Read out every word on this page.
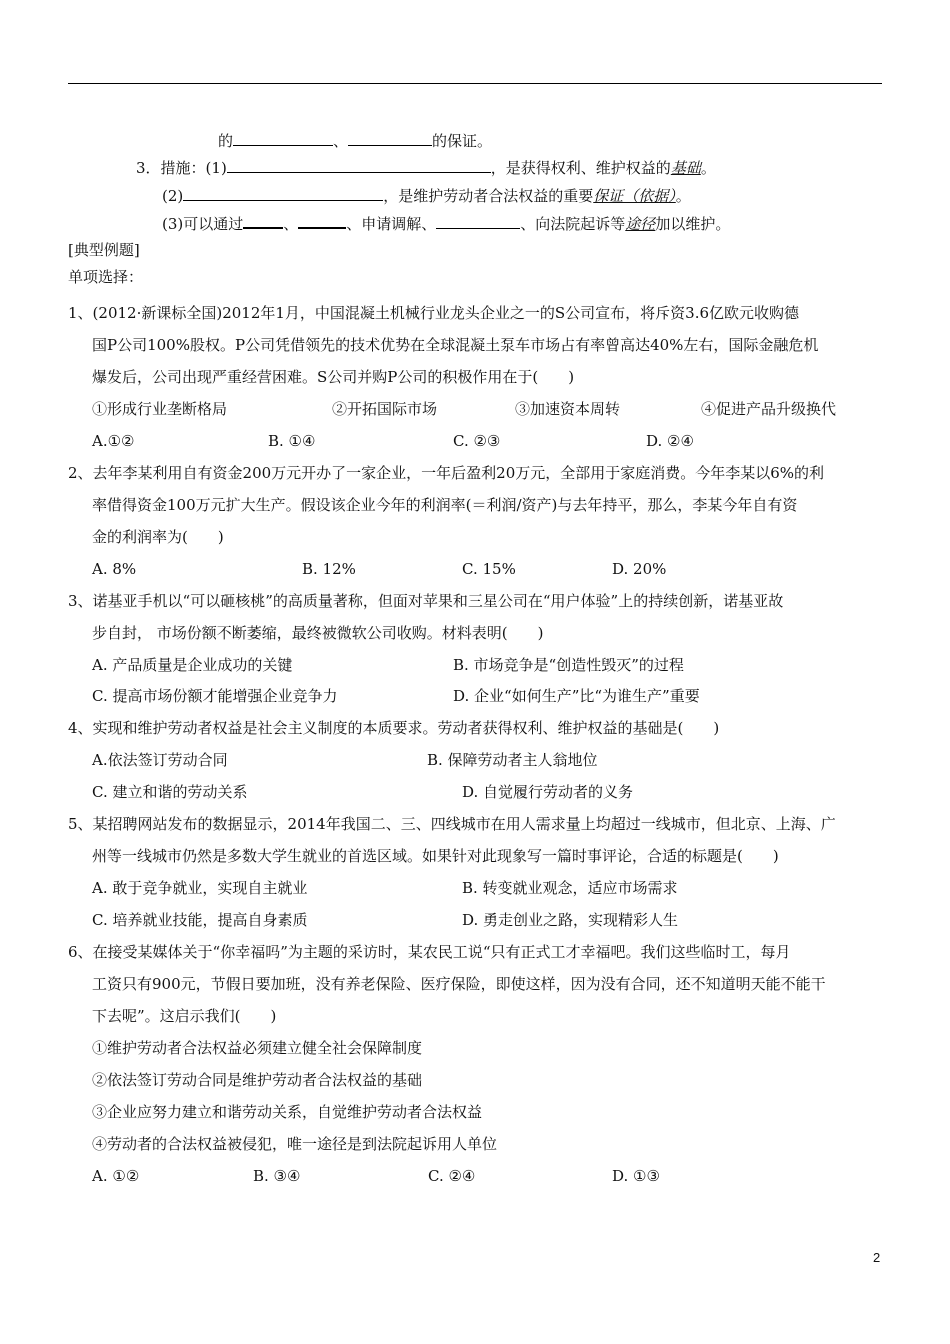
的	、	的保证。
3．措施：(1)	，是获得权利、维护权益的基础。
(2)	，是维护劳动者合法权益的重要保证（依据）。
(3)可以通过	、	、申请调解、	、向法院起诉等途径加以维护。
[典型例题]
单项选择：
1、(2012·新课标全国)2012年1月，中国混凝土机械行业龙头企业之一的S公司宣布，将斥资3.6亿欧元收购德
国P公司100%股权。P公司凭借领先的技术优势在全球混凝土泵车市场占有率曾高达40%左右，国际金融危机
爆发后，公司出现严重经营困难。S公司并购P公司的积极作用在于(　　)
①形成行业垄断格局	②开拓国际市场	③加速资本周转	④促进产品升级换代
A.①②	B. ①④	C. ②③	D. ②④
2、去年李某利用自有资金200万元开办了一家企业，一年后盈利20万元，全部用于家庭消费。今年李某以6%的利
率借得资金100万元扩大生产。假设该企业今年的利润率(＝利润/资产)与去年持平，那么，李某今年自有资
金的利润率为(　　)
A. 8%	B. 12%	C. 15%	D. 20%
3、诺基亚手机以“可以砸核桃”的高质量著称，但面对苹果和三星公司在“用户体验”上的持续创新，诺基亚故
步自封， 市场份额不断萎缩，最终被微软公司收购。材料表明(　　)
A. 产品质量是企业成功的关键	B. 市场竞争是“创造性毁灭”的过程
C. 提高市场份额才能增强企业竞争力	D. 企业“如何生产”比“为谁生产”重要
4、实现和维护劳动者权益是社会主义制度的本质要求。劳动者获得权利、维护权益的基础是(　　)
A.依法签订劳动合同	B. 保障劳动者主人翁地位
C. 建立和谐的劳动关系	D. 自觉履行劳动者的义务
5、某招聘网站发布的数据显示，2014年我国二、三、四线城市在用人需求量上均超过一线城市，但北京、上海、广
州等一线城市仍然是多数大学生就业的首选区域。如果针对此现象写一篇时事评论，合适的标题是(　　)
A. 敢于竞争就业，实现自主就业	B. 转变就业观念，适应市场需求
C. 培养就业技能，提高自身素质	D. 勇走创业之路，实现精彩人生
6、在接受某媒体关于“你幸福吗”为主题的采访时，某农民工说“只有正式工才幸福吧。我们这些临时工，每月
工资只有900元，节假日要加班，没有养老保险、医疗保险，即使这样，因为没有合同，还不知道明天能不能干
下去呢”。这启示我们(　　)
①维护劳动者合法权益必须建立健全社会保障制度
②依法签订劳动合同是维护劳动者合法权益的基础
③企业应努力建立和谐劳动关系，自觉维护劳动者合法权益
④劳动者的合法权益被侵犯，唯一途径是到法院起诉用人单位
A. ①②	B. ③④	C. ②④	D. ①③
2
